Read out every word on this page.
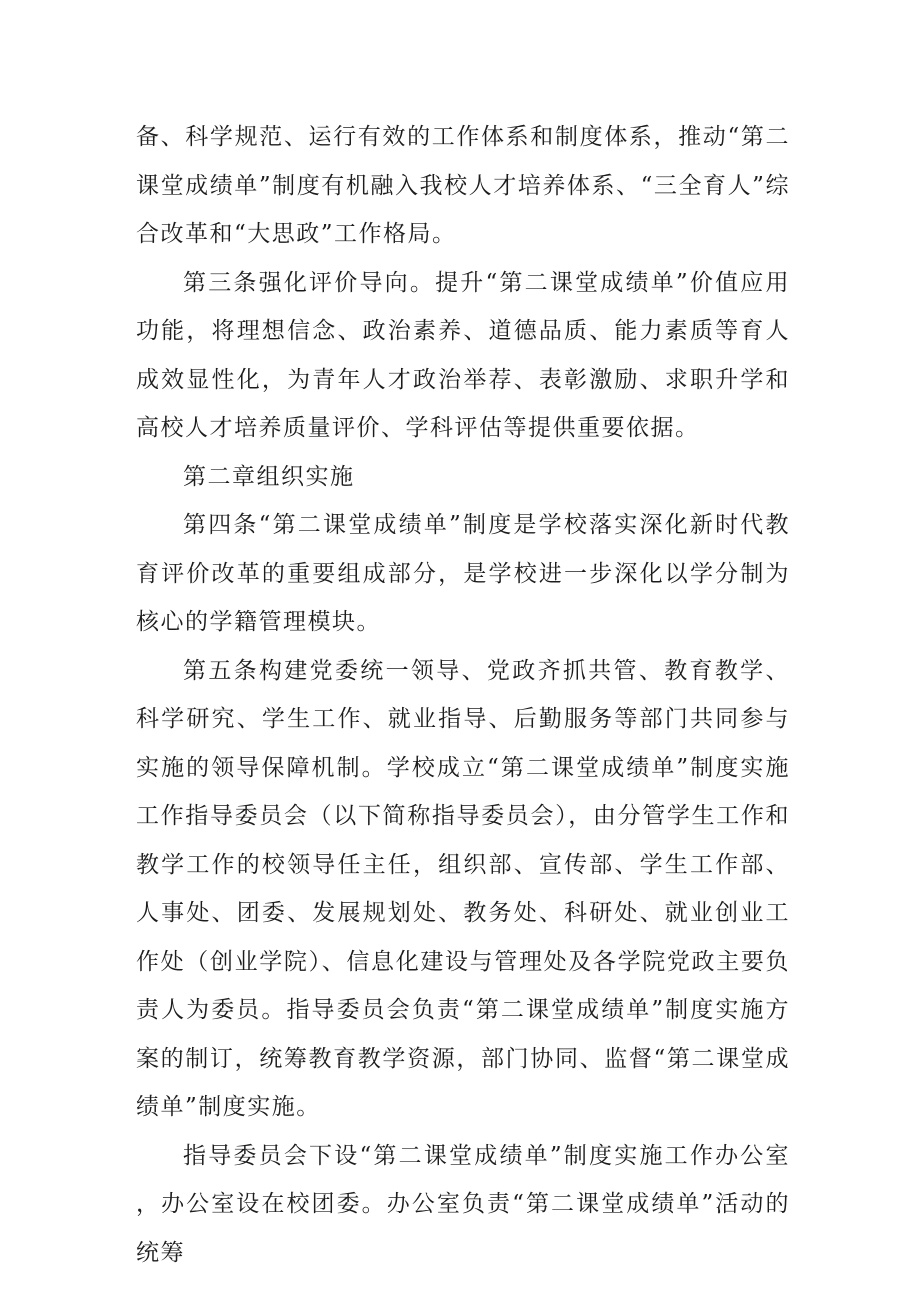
备、科学规范、运行有效的工作体系和制度体系，推动“第二课堂成绩单”制度有机融入我校人才培养体系、“三全育人”综合改革和“大思政”工作格局。

第三条强化评价导向。提升“第二课堂成绩单”价值应用功能，将理想信念、政治素养、道德品质、能力素质等育人成效显性化，为青年人才政治举荐、表彰激励、求职升学和高校人才培养质量评价、学科评估等提供重要依据。

第二章组织实施

第四条“第二课堂成绩单”制度是学校落实深化新时代教育评价改革的重要组成部分，是学校进一步深化以学分制为核心的学籍管理模块。

第五条构建党委统一领导、党政齐抓共管、教育教学、科学研究、学生工作、就业指导、后勤服务等部门共同参与实施的领导保障机制。学校成立“第二课堂成绩单”制度实施工作指导委员会（以下简称指导委员会），由分管学生工作和教学工作的校领导任主任，组织部、宣传部、学生工作部、人事处、团委、发展规划处、教务处、科研处、就业创业工作处（创业学院）、信息化建设与管理处及各学院党政主要负责人为委员。指导委员会负责“第二课堂成绩单”制度实施方案的制订，统筹教育教学资源，部门协同、监督“第二课堂成绩单”制度实施。

指导委员会下设“第二课堂成绩单”制度实施工作办公室，办公室设在校团委。办公室负责“第二课堂成绩单”活动的统筹
